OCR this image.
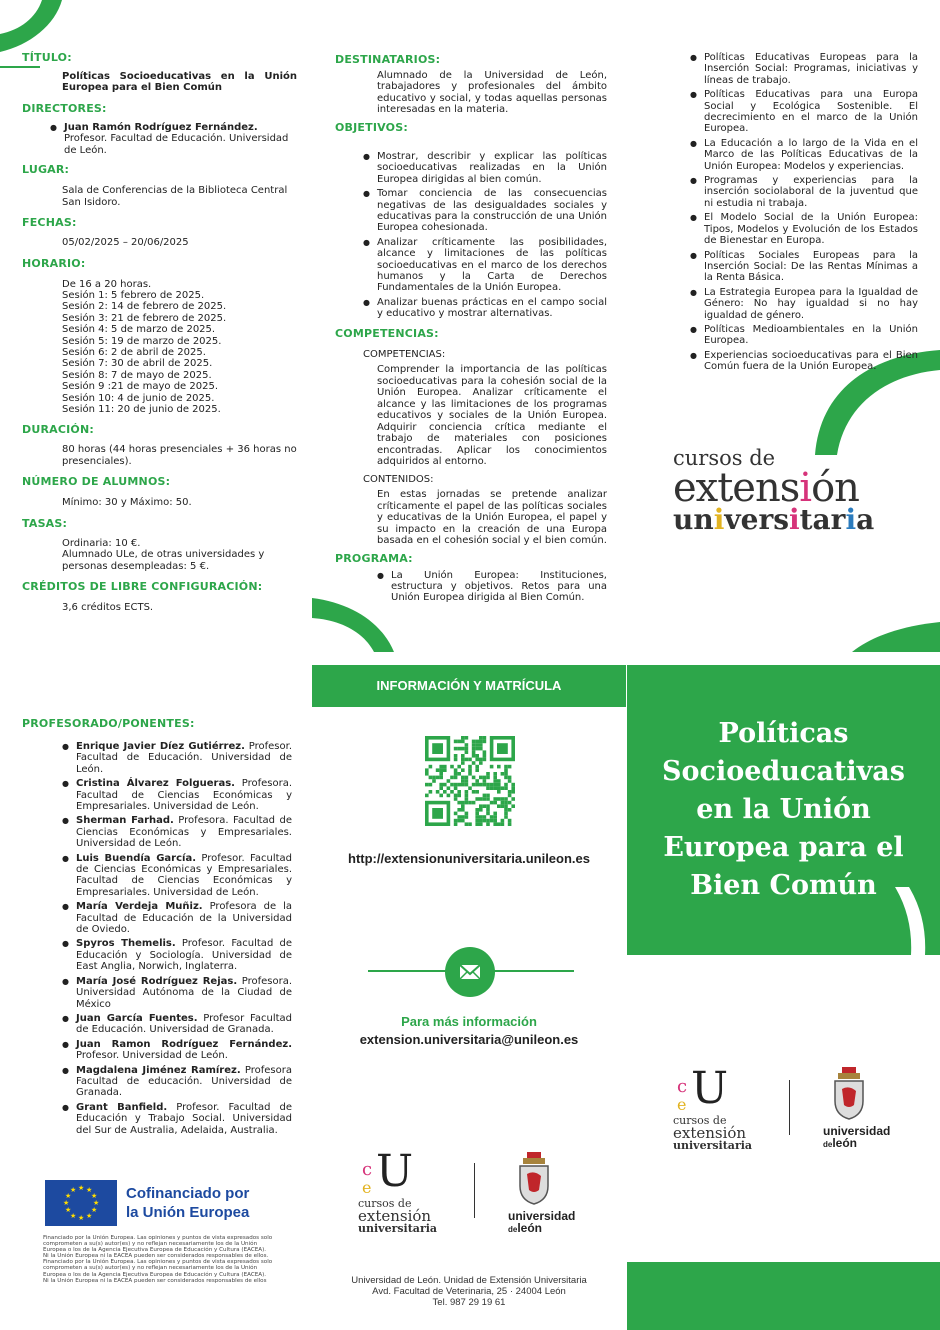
TÍTULO:
Políticas Socioeducativas en la Unión Europea para el Bien Común
DIRECTORES:
● Juan Ramón Rodríguez Fernández. Profesor. Facultad de Educación. Universidad de León.
LUGAR:
Sala de Conferencias de la Biblioteca Central San Isidoro.
FECHAS:
05/02/2025 – 20/06/2025
HORARIO:
De 16 a 20 horas.
Sesión 1: 5 febrero de 2025.
Sesión 2: 14 de febrero de 2025.
Sesión 3: 21 de febrero de 2025.
Sesión 4: 5 de marzo de 2025.
Sesión 5: 19 de marzo de 2025.
Sesión 6: 2 de abril de 2025.
Sesión 7: 30 de abril de 2025.
Sesión 8: 7 de mayo de 2025.
Sesión 9 :21 de mayo de 2025.
Sesión 10: 4 de junio de 2025.
Sesión 11: 20 de junio de 2025.
DURACIÓN:
80 horas (44 horas presenciales + 36 horas no presenciales).
NÚMERO DE ALUMNOS:
Mínimo: 30 y Máximo: 50.
TASAS:
Ordinaria: 10 €.
Alumnado ULe, de otras universidades y personas desempleadas: 5 €.
CRÉDITOS DE LIBRE CONFIGURACIÓN:
3,6 créditos ECTS.
DESTINATARIOS:
Alumnado de la Universidad de León, trabajadores y profesionales del ámbito educativo y social, y todas aquellas personas interesadas en la materia.
OBJETIVOS:
● Mostrar, describir y explicar las políticas socioeducativas realizadas en la Unión Europea dirigidas al bien común.
● Tomar conciencia de las consecuencias negativas de las desigualdades sociales y educativas para la construcción de una Unión Europea cohesionada.
● Analizar críticamente las posibilidades, alcance y limitaciones de las políticas socioeducativas en el marco de los derechos humanos y la Carta de Derechos Fundamentales de la Unión Europea.
● Analizar buenas prácticas en el campo social y educativo y mostrar alternativas.
COMPETENCIAS:
COMPETENCIAS:
Comprender la importancia de las políticas socioeducativas para la cohesión social de la Unión Europea. Analizar críticamente el alcance y las limitaciones de los programas educativos y sociales de la Unión Europea. Adquirir conciencia crítica mediante el trabajo de materiales con posiciones encontradas. Aplicar los conocimientos adquiridos al entorno.
CONTENIDOS:
En estas jornadas se pretende analizar críticamente el papel de las políticas sociales y educativas de la Unión Europea, el papel y su impacto en la creación de una Europa basada en el cohesión social y el bien común.
PROGRAMA:
● La Unión Europea: Instituciones, estructura y objetivos. Retos para una Unión Europea dirigida al Bien Común.
● Políticas Educativas Europeas para la Inserción Social: Programas, iniciativas y líneas de trabajo.
● Políticas Educativas para una Europa Social y Ecológica Sostenible. El decrecimiento en el marco de la Unión Europea.
● La Educación a lo largo de la Vida en el Marco de las Políticas Educativas de la Unión Europea: Modelos y experiencias.
● Programas y experiencias para la inserción sociolaboral de la juventud que ni estudia ni trabaja.
● El Modelo Social de la Unión Europea: Tipos, Modelos y Evolución de los Estados de Bienestar en Europa.
● Políticas Sociales Europeas para la Inserción Social: De las Rentas Mínimas a la Renta Básica.
● La Estrategia Europea para la Igualdad de Género: No hay igualdad si no hay igualdad de género.
● Políticas Medioambientales en la Unión Europea.
● Experiencias socioeducativas para el Bien Común fuera de la Unión Europea.
cursos de
extensión
universitaria
PROFESORADO/PONENTES:
● Enrique Javier Díez Gutiérrez. Profesor. Facultad de Educación. Universidad de León.
● Cristina Álvarez Folgueras. Profesora. Facultad de Ciencias Económicas y Empresariales. Universidad de León.
● Sherman Farhad. Profesora. Facultad de Ciencias Económicas y Empresariales. Universidad de León.
● Luis Buendía García. Profesor. Facultad de Ciencias Económicas y Empresariales. Facultad de Ciencias Económicas y Empresariales. Universidad de León.
● María Verdeja Muñiz. Profesora de la Facultad de Educación de la Universidad de Oviedo.
● Spyros Themelis. Profesor. Facultad de Educación y Sociología. Universidad de East Anglia, Norwich, Inglaterra.
● María José Rodríguez Rejas. Profesora. Universidad Autónoma de la Ciudad de México
● Juan García Fuentes. Profesor Facultad de Educación. Universidad de Granada.
● Juan Ramon Rodríguez Fernández. Profesor. Universidad de León.
● Magdalena Jiménez Ramírez. Profesora Facultad de educación. Universidad de Granada.
● Grant Banfield. Profesor. Facultad de Educación y Trabajo Social. Universidad del Sur de Australia, Adelaida, Australia.
★ ★
★
★
★
★
★
★
★
★
★
★	Cofinanciado por
la Unión Europea
Financiado por la Unión Europea. Las opiniones y puntos de vista expresados solo comprometen a su(s) autor(es) y no reflejan necesariamente los de la Unión Europea o los de la Agencia Ejecutiva Europea de Educación y Cultura (EACEA). Ni la Unión Europea ni la EACEA pueden ser considerados responsables de ellos. Financiado por la Unión Europea. Las opiniones y puntos de vista expresados solo comprometen a su(s) autor(es) y no reflejan necesariamente los de la Unión Europea o los de la Agencia Ejecutiva Europea de Educación y Cultura (EACEA). Ni la Unión Europea ni la EACEA pueden ser considerados responsables de ellos
INFORMACIÓN Y MATRÍCULA
http://extensionuniversitaria.unileon.es
Para más información
extension.universitaria@unileon.es
c
e U
cursos de
extensión
universitaria
universidad
deleón
Universidad de León. Unidad de Extensión Universitaria
Avd. Facultad de Veterinaria, 25 · 24004 León
Tel. 987 29 19 61
Políticas
Socioeducativas
en la Unión
Europea para el
Bien Común
c
e U
cursos de
extensión
universitaria
universidad
deleón
